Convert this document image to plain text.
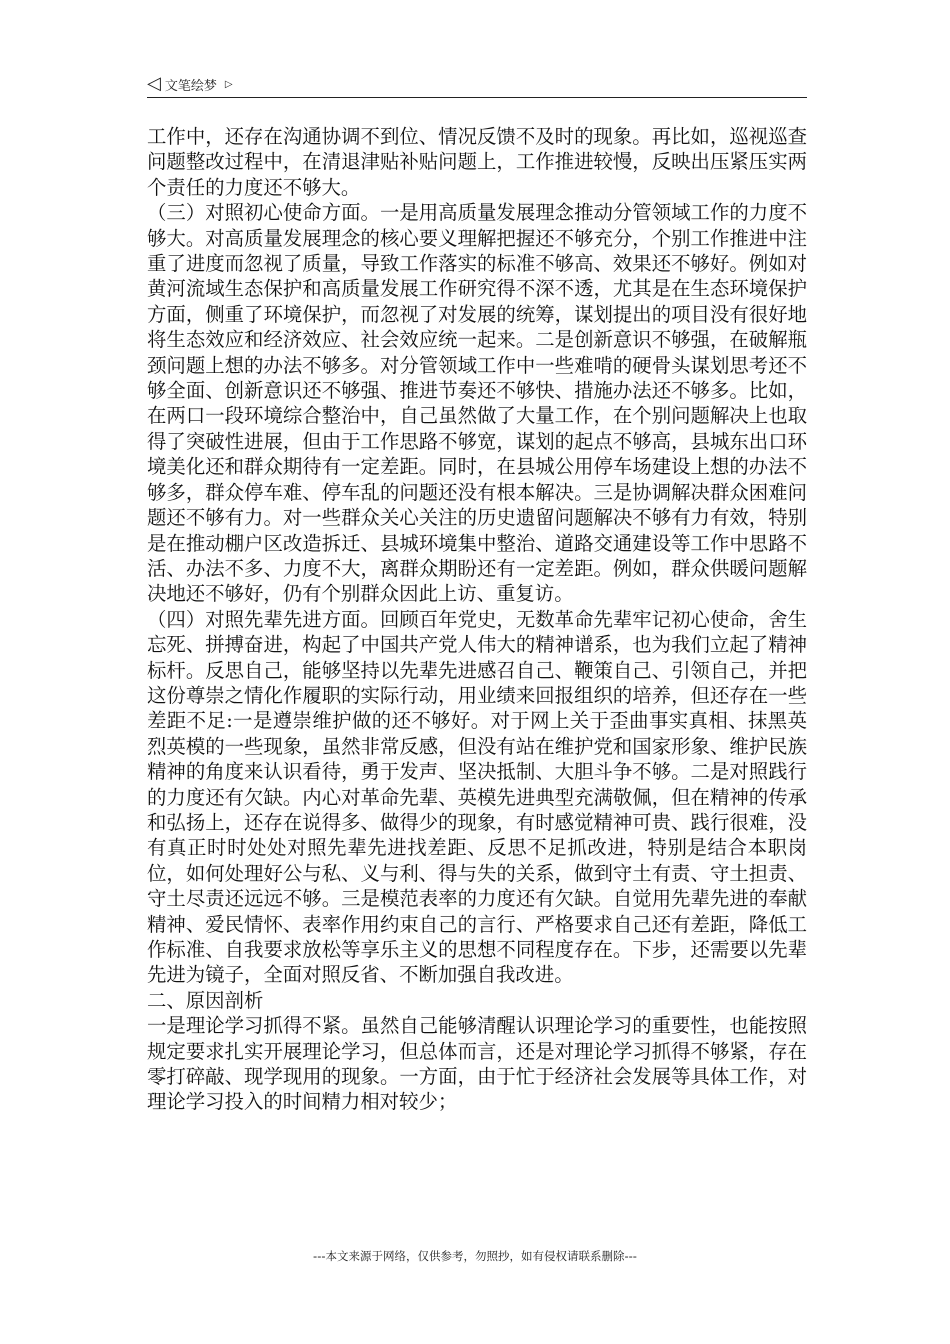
◁ 文笔绘梦 ▷

工作中，还存在沟通协调不到位、情况反馈不及时的现象。再比如，巡视巡查问题整改过程中，在清退津贴补贴问题上，工作推进较慢，反映出压紧压实两个责任的力度还不够大。

（三）对照初心使命方面。一是用高质量发展理念推动分管领域工作的力度不够大。对高质量发展理念的核心要义理解把握还不够充分，个别工作推进中注重了进度而忽视了质量，导致工作落实的标准不够高、效果还不够好。例如对黄河流域生态保护和高质量发展工作研究得不深不透，尤其是在生态环境保护方面，侧重了环境保护，而忽视了对发展的统筹，谋划提出的项目没有很好地将生态效应和经济效应、社会效应统一起来。二是创新意识不够强，在破解瓶颈问题上想的办法不够多。对分管领域工作中一些难啃的硬骨头谋划思考还不够全面、创新意识还不够强、推进节奏还不够快、措施办法还不够多。比如，在两口一段环境综合整治中，自己虽然做了大量工作，在个别问题解决上也取得了突破性进展，但由于工作思路不够宽，谋划的起点不够高，县城东出口环境美化还和群众期待有一定差距。同时，在县城公用停车场建设上想的办法不够多，群众停车难、停车乱的问题还没有根本解决。三是协调解决群众困难问题还不够有力。对一些群众关心关注的历史遗留问题解决不够有力有效，特别是在推动棚户区改造拆迁、县城环境集中整治、道路交通建设等工作中思路不活、办法不多、力度不大，离群众期盼还有一定差距。例如，群众供暖问题解决地还不够好，仍有个别群众因此上访、重复访。

（四）对照先辈先进方面。回顾百年党史，无数革命先辈牢记初心使命，舍生忘死、拼搏奋进，构起了中国共产党人伟大的精神谱系，也为我们立起了精神标杆。反思自己，能够坚持以先辈先进感召自己、鞭策自己、引领自己，并把这份尊崇之情化作履职的实际行动，用业绩来回报组织的培养，但还存在一些差距不足:一是遵崇维护做的还不够好。对于网上关于歪曲事实真相、抹黑英烈英模的一些现象，虽然非常反感，但没有站在维护党和国家形象、维护民族精神的角度来认识看待，勇于发声、坚决抵制、大胆斗争不够。二是对照践行的力度还有欠缺。内心对革命先辈、英模先进典型充满敬佩，但在精神的传承和弘扬上，还存在说得多、做得少的现象，有时感觉精神可贵、践行很难，没有真正时时处处对照先辈先进找差距、反思不足抓改进，特别是结合本职岗位，如何处理好公与私、义与利、得与失的关系，做到守土有责、守土担责、守土尽责还远远不够。三是模范表率的力度还有欠缺。自觉用先辈先进的奉献精神、爱民情怀、表率作用约束自己的言行、严格要求自己还有差距，降低工作标准、自我要求放松等享乐主义的思想不同程度存在。下步，还需要以先辈先进为镜子，全面对照反省、不断加强自我改进。

二、原因剖析

一是理论学习抓得不紧。虽然自己能够清醒认识理论学习的重要性，也能按照规定要求扎实开展理论学习，但总体而言，还是对理论学习抓得不够紧，存在零打碎敲、现学现用的现象。一方面，由于忙于经济社会发展等具体工作，对理论学习投入的时间精力相对较少；

---本文来源于网络，仅供参考，勿照抄，如有侵权请联系删除---
